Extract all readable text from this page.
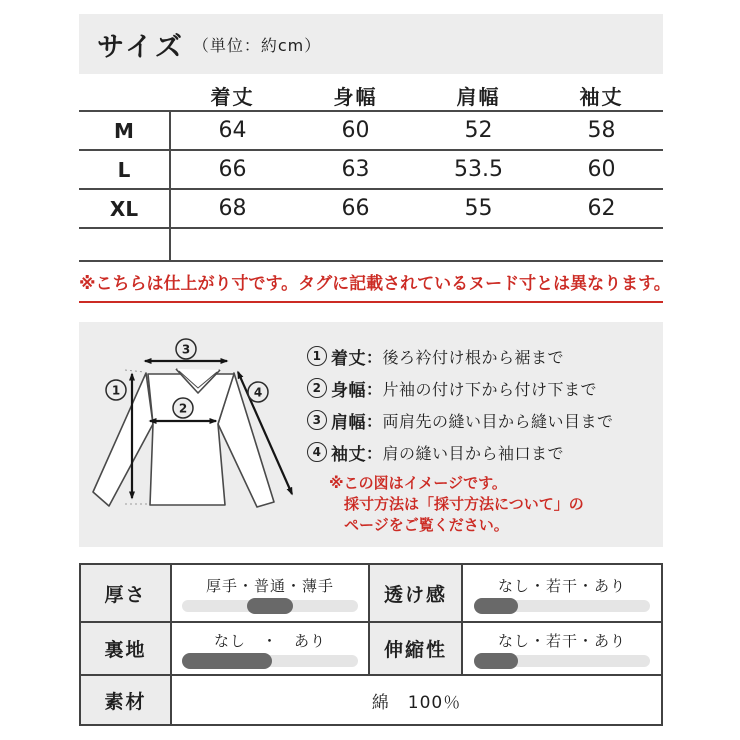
サイズ （単位：約cm）
着丈	身幅	肩幅	袖丈
M	64	60	52	58
L	66	63	53.5	60
XL	68	66	55	62
※こちらは仕上がり寸です。タグに記載されているヌード寸とは異なります。
3
1
2
4
1 着丈 ： 後ろ衿付け根から裾まで
2 身幅 ： 片袖の付け下から付け下まで
3 肩幅 ： 両肩先の縫い目から縫い目まで
4 袖丈 ： 肩の縫い目から袖口まで
※この図はイメージです。
採寸方法は「採寸方法について」の
ページをご覧ください。
厚さ	厚手・普通・薄手	透け感	なし・若干・あり
裏地	なし　・　あり	伸縮性	なし・若干・あり
素材	綿　100％
